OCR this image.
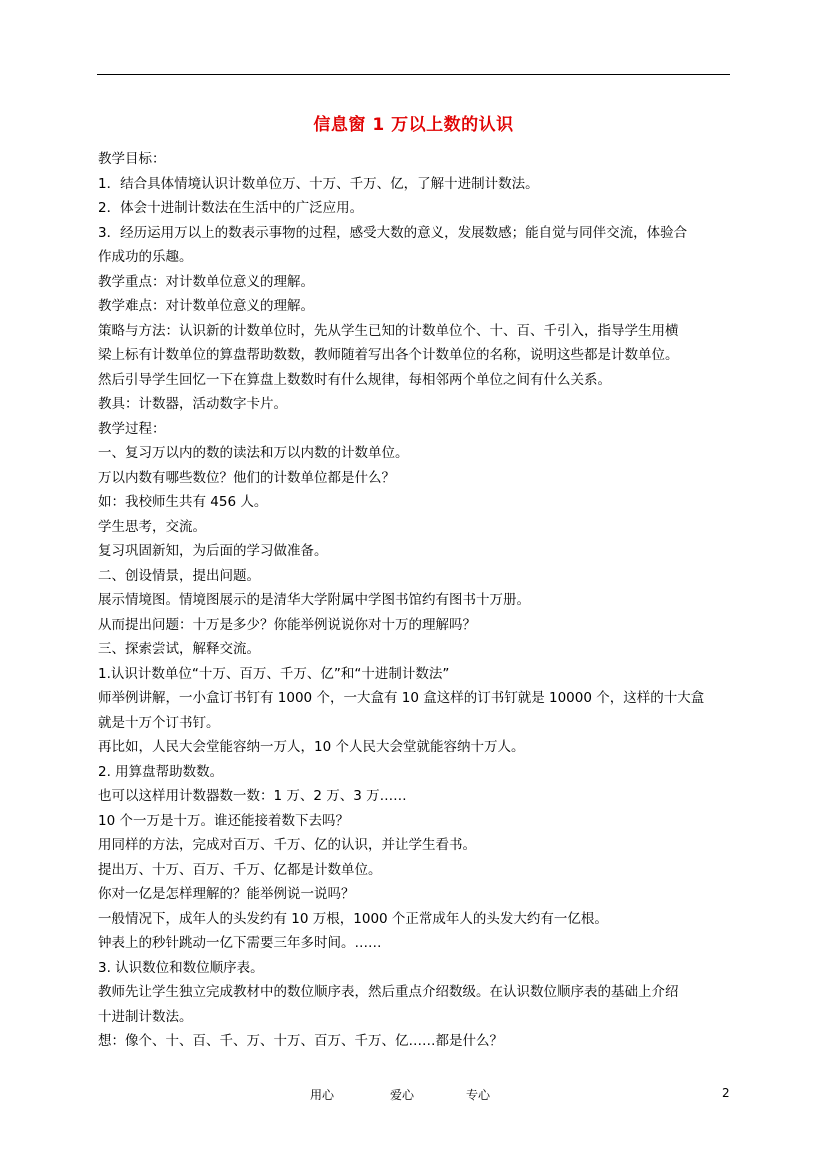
信息窗 1 万以上数的认识
教学目标：
1．结合具体情境认识计数单位万、十万、千万、亿，了解十进制计数法。
2．体会十进制计数法在生活中的广泛应用。
3．经历运用万以上的数表示事物的过程，感受大数的意义，发展数感；能自觉与同伴交流，体验合
作成功的乐趣。
教学重点：对计数单位意义的理解。
教学难点：对计数单位意义的理解。
策略与方法：认识新的计数单位时，先从学生已知的计数单位个、十、百、千引入，指导学生用横
梁上标有计数单位的算盘帮助数数，教师随着写出各个计数单位的名称，说明这些都是计数单位。
然后引导学生回忆一下在算盘上数数时有什么规律，每相邻两个单位之间有什么关系。
教具：计数器，活动数字卡片。
教学过程：
一、复习万以内的数的读法和万以内数的计数单位。
万以内数有哪些数位？他们的计数单位都是什么？
如：我校师生共有 456 人。
学生思考，交流。
复习巩固新知，为后面的学习做准备。
二、创设情景，提出问题。
展示情境图。情境图展示的是清华大学附属中学图书馆约有图书十万册。
从而提出问题：十万是多少？你能举例说说你对十万的理解吗？
三、探索尝试，解释交流。
1.认识计数单位“十万、百万、千万、亿”和“十进制计数法”
师举例讲解，一小盒订书钉有 1000 个，一大盒有 10 盒这样的订书钉就是 10000 个，这样的十大盒
就是十万个订书钉。
再比如，人民大会堂能容纳一万人，10 个人民大会堂就能容纳十万人。
2. 用算盘帮助数数。
也可以这样用计数器数一数：1 万、2 万、3 万……
10 个一万是十万。谁还能接着数下去吗？
用同样的方法，完成对百万、千万、亿的认识，并让学生看书。
提出万、十万、百万、千万、亿都是计数单位。
你对一亿是怎样理解的？能举例说一说吗？
一般情况下，成年人的头发约有 10 万根，1000 个正常成年人的头发大约有一亿根。
钟表上的秒针跳动一亿下需要三年多时间。……
3. 认识数位和数位顺序表。
教师先让学生独立完成教材中的数位顺序表，然后重点介绍数级。在认识数位顺序表的基础上介绍
十进制计数法。
想：像个、十、百、千、万、十万、百万、千万、亿……都是什么？
用心	爱心	专心	2
